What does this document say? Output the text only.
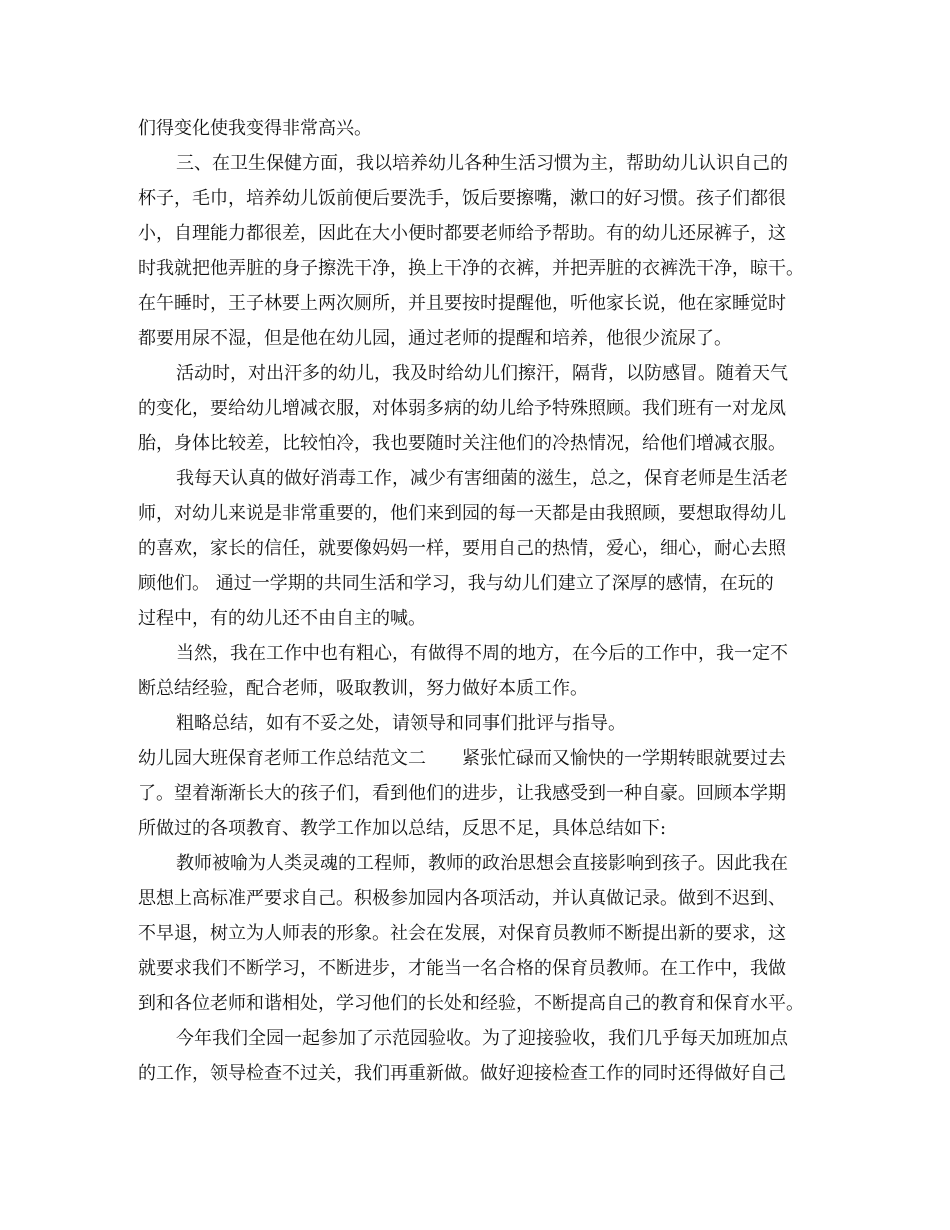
们得变化使我变得非常高兴。
三、在卫生保健方面，我以培养幼儿各种生活习惯为主，帮助幼儿认识自己的
杯子，毛巾，培养幼儿饭前便后要洗手，饭后要擦嘴，漱口的好习惯。孩子们都很
小，自理能力都很差，因此在大小便时都要老师给予帮助。有的幼儿还尿裤子，这
时我就把他弄脏的身子擦洗干净，换上干净的衣裤，并把弄脏的衣裤洗干净，晾干。
在午睡时，王子林要上两次厕所，并且要按时提醒他，听他家长说，他在家睡觉时
都要用尿不湿，但是他在幼儿园，通过老师的提醒和培养，他很少流尿了。
活动时，对出汗多的幼儿，我及时给幼儿们擦汗，隔背，以防感冒。随着天气
的变化，要给幼儿增减衣服，对体弱多病的幼儿给予特殊照顾。我们班有一对龙凤
胎，身体比较差，比较怕冷，我也要随时关注他们的冷热情况，给他们增减衣服。
我每天认真的做好消毒工作，减少有害细菌的滋生，总之，保育老师是生活老
师，对幼儿来说是非常重要的，他们来到园的每一天都是由我照顾，要想取得幼儿
的喜欢，家长的信任，就要像妈妈一样，要用自己的热情，爱心，细心，耐心去照
顾他们。 通过一学期的共同生活和学习，我与幼儿们建立了深厚的感情，在玩的
过程中，有的幼儿还不由自主的喊。
当然，我在工作中也有粗心，有做得不周的地方，在今后的工作中，我一定不
断总结经验，配合老师，吸取教训，努力做好本质工作。
粗略总结，如有不妥之处，请领导和同事们批评与指导。
幼儿园大班保育老师工作总结范文二 紧张忙碌而又愉快的一学期转眼就要过去
了。望着渐渐长大的孩子们，看到他们的进步，让我感受到一种自豪。回顾本学期
所做过的各项教育、教学工作加以总结，反思不足，具体总结如下:
教师被喻为人类灵魂的工程师，教师的政治思想会直接影响到孩子。因此我在
思想上高标准严要求自己。积极参加园内各项活动，并认真做记录。做到不迟到、
不早退，树立为人师表的形象。社会在发展，对保育员教师不断提出新的要求，这
就要求我们不断学习，不断进步，才能当一名合格的保育员教师。在工作中，我做
到和各位老师和谐相处，学习他们的长处和经验，不断提高自己的教育和保育水平。
今年我们全园一起参加了示范园验收。为了迎接验收，我们几乎每天加班加点
的工作，领导检查不过关，我们再重新做。做好迎接检查工作的同时还得做好自己
